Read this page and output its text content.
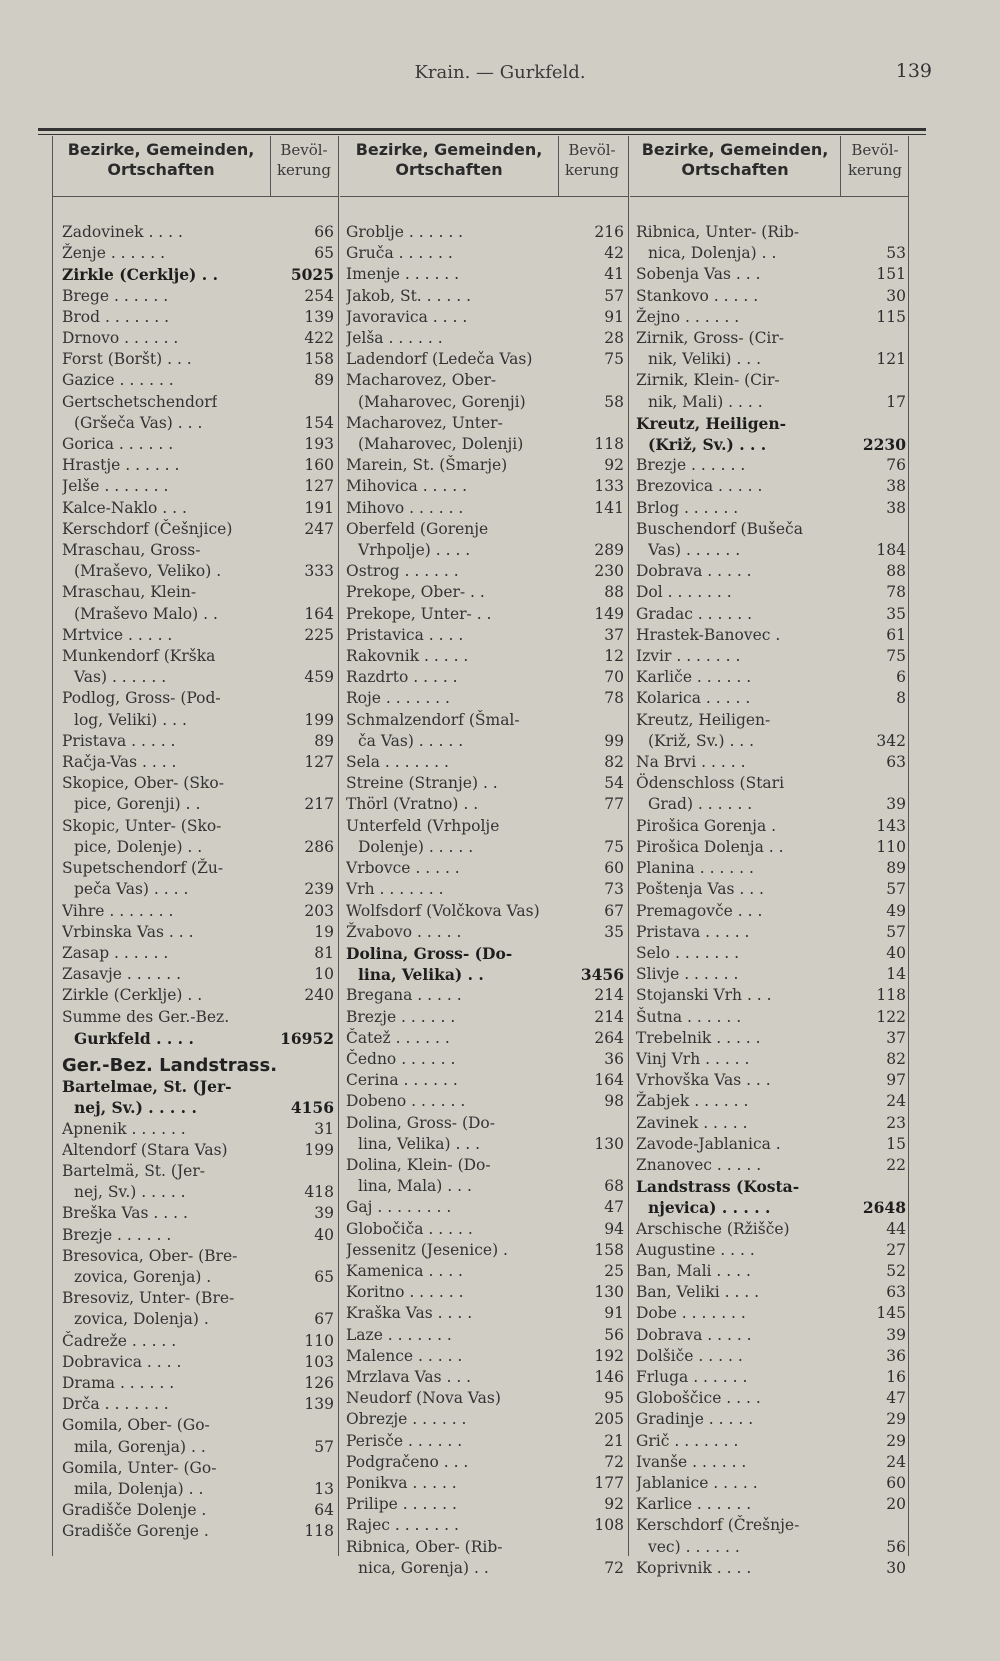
Krain. — Gurkfeld.	139
Bezirke, Gemeinden,
Ortschaften
Bevöl-
kerung
Bezirke, Gemeinden,
Ortschaften
Bevöl-
kerung
Bezirke, Gemeinden,
Ortschaften
Bevöl-
kerung
Zadovinek . . . .	66
Ženje . . . . . .	65
Zirkle (Cerklje) . .	5025
Brege . . . . . .	254
Brod . . . . . . .	139
Drnovo . . . . . .	422
Forst (Boršt) . . .	158
Gazice . . . . . .	89
Gertschetschendorf
(Gršeča Vas) . . .	154
Gorica . . . . . .	193
Hrastje . . . . . .	160
Jelše . . . . . . .	127
Kalce-Naklo . . .	191
Kerschdorf (Češnjice)	247
Mraschau, Gross-
(Mraševo, Veliko) .	333
Mraschau, Klein-
(Mraševo Malo) . .	164
Mrtvice . . . . .	225
Munkendorf (Krška
Vas) . . . . . .	459
Podlog, Gross- (Pod-
log, Veliki) . . .	199
Pristava . . . . .	89
Račja-Vas . . . .	127
Skopice, Ober- (Sko-
pice, Gorenji) . .	217
Skopic, Unter- (Sko-
pice, Dolenje) . .	286
Supetschendorf (Žu-
peča Vas) . . . .	239
Vihre . . . . . . .	203
Vrbinska Vas . . .	19
Zasap . . . . . .	81
Zasavje . . . . . .	10
Zirkle (Cerklje) . .	240
Summe des Ger.-Bez.
Gurkfeld . . . .	16952
Ger.-Bez. Landstrass.
Bartelmae, St. (Jer-
nej, Sv.) . . . . .	4156
Apnenik . . . . . .	31
Altendorf (Stara Vas)	199
Bartelmä, St. (Jer-
nej, Sv.) . . . . .	418
Breška Vas . . . .	39
Brezje . . . . . .	40
Bresovica, Ober- (Bre-
zovica, Gorenja) .	65
Bresoviz, Unter- (Bre-
zovica, Dolenja) .	67
Čadreže . . . . .	110
Dobravica . . . .	103
Drama . . . . . .	126
Drča . . . . . . .	139
Gomila, Ober- (Go-
mila, Gorenja) . .	57
Gomila, Unter- (Go-
mila, Dolenja) . .	13
Gradišče Dolenje .	64
Gradišče Gorenje .	118
Groblje . . . . . .	216
Gruča . . . . . .	42
Imenje . . . . . .	41
Jakob, St. . . . . .	57
Javoravica . . . .	91
Jelša . . . . . .	28
Ladendorf (Ledeča Vas)	75
Macharovez, Ober-
(Maharovec, Gorenji)	58
Macharovez, Unter-
(Maharovec, Dolenji)	118
Marein, St. (Šmarje)	92
Mihovica . . . . .	133
Mihovo . . . . . .	141
Oberfeld (Gorenje
Vrhpolje) . . . .	289
Ostrog . . . . . .	230
Prekope, Ober- . .	88
Prekope, Unter- . .	149
Pristavica . . . .	37
Rakovnik . . . . .	12
Razdrto . . . . .	70
Roje . . . . . . .	78
Schmalzendorf (Šmal-
ča Vas) . . . . .	99
Sela . . . . . . .	82
Streine (Stranje) . .	54
Thörl (Vratno) . .	77
Unterfeld (Vrhpolje
Dolenje) . . . . .	75
Vrbovce . . . . .	60
Vrh . . . . . . .	73
Wolfsdorf (Volčkova Vas)	67
Žvabovo . . . . .	35
Dolina, Gross- (Do-
lina, Velika) . .	3456
Bregana . . . . .	214
Brezje . . . . . .	214
Čatež . . . . . .	264
Čedno . . . . . .	36
Cerina . . . . . .	164
Dobeno . . . . . .	98
Dolina, Gross- (Do-
lina, Velika) . . .	130
Dolina, Klein- (Do-
lina, Mala) . . .	68
Gaj . . . . . . . .	47
Globočiča . . . . .	94
Jessenitz (Jesenice) .	158
Kamenica . . . .	25
Koritno . . . . . .	130
Kraška Vas . . . .	91
Laze . . . . . . .	56
Malence . . . . .	192
Mrzlava Vas . . .	146
Neudorf (Nova Vas)	95
Obrezje . . . . . .	205
Perisče . . . . . .	21
Podgračeno . . .	72
Ponikva . . . . .	177
Prilipe . . . . . .	92
Rajec . . . . . . .	108
Ribnica, Ober- (Rib-
nica, Gorenja) . .	72
Ribnica, Unter- (Rib-
nica, Dolenja) . .	53
Sobenja Vas . . .	151
Stankovo . . . . .	30
Žejno . . . . . .	115
Zirnik, Gross- (Cir-
nik, Veliki) . . .	121
Zirnik, Klein- (Cir-
nik, Mali) . . . .	17
Kreutz, Heiligen-
(Križ, Sv.) . . .	2230
Brezje . . . . . .	76
Brezovica . . . . .	38
Brlog . . . . . .	38
Buschendorf (Bušeča
Vas) . . . . . .	184
Dobrava . . . . .	88
Dol . . . . . . .	78
Gradac . . . . . .	35
Hrastek-Banovec .	61
Izvir . . . . . . .	75
Karliče . . . . . .	6
Kolarica . . . . .	8
Kreutz, Heiligen-
(Križ, Sv.) . . .	342
Na Brvi . . . . .	63
Ödenschloss (Stari
Grad) . . . . . .	39
Pirošica Gorenja .	143
Pirošica Dolenja . .	110
Planina . . . . . .	89
Poštenja Vas . . .	57
Premagovče . . .	49
Pristava . . . . .	57
Selo . . . . . . .	40
Slivje . . . . . .	14
Stojanski Vrh . . .	118
Šutna . . . . . .	122
Trebelnik . . . . .	37
Vinj Vrh . . . . .	82
Vrhovška Vas . . .	97
Žabjek . . . . . .	24
Zavinek . . . . .	23
Zavode-Jablanica .	15
Znanovec . . . . .	22
Landstrass (Kosta-
njevica) . . . . .	2648
Arschische (Ržišče)	44
Augustine . . . .	27
Ban, Mali . . . .	52
Ban, Veliki . . . .	63
Dobe . . . . . . .	145
Dobrava . . . . .	39
Dolšiče . . . . .	36
Frluga . . . . . .	16
Globoščice . . . .	47
Gradinje . . . . .	29
Grič . . . . . . .	29
Ivanše . . . . . .	24
Jablanice . . . . .	60
Karlice . . . . . .	20
Kerschdorf (Črešnje-
vec) . . . . . .	56
Koprivnik . . . .	30
